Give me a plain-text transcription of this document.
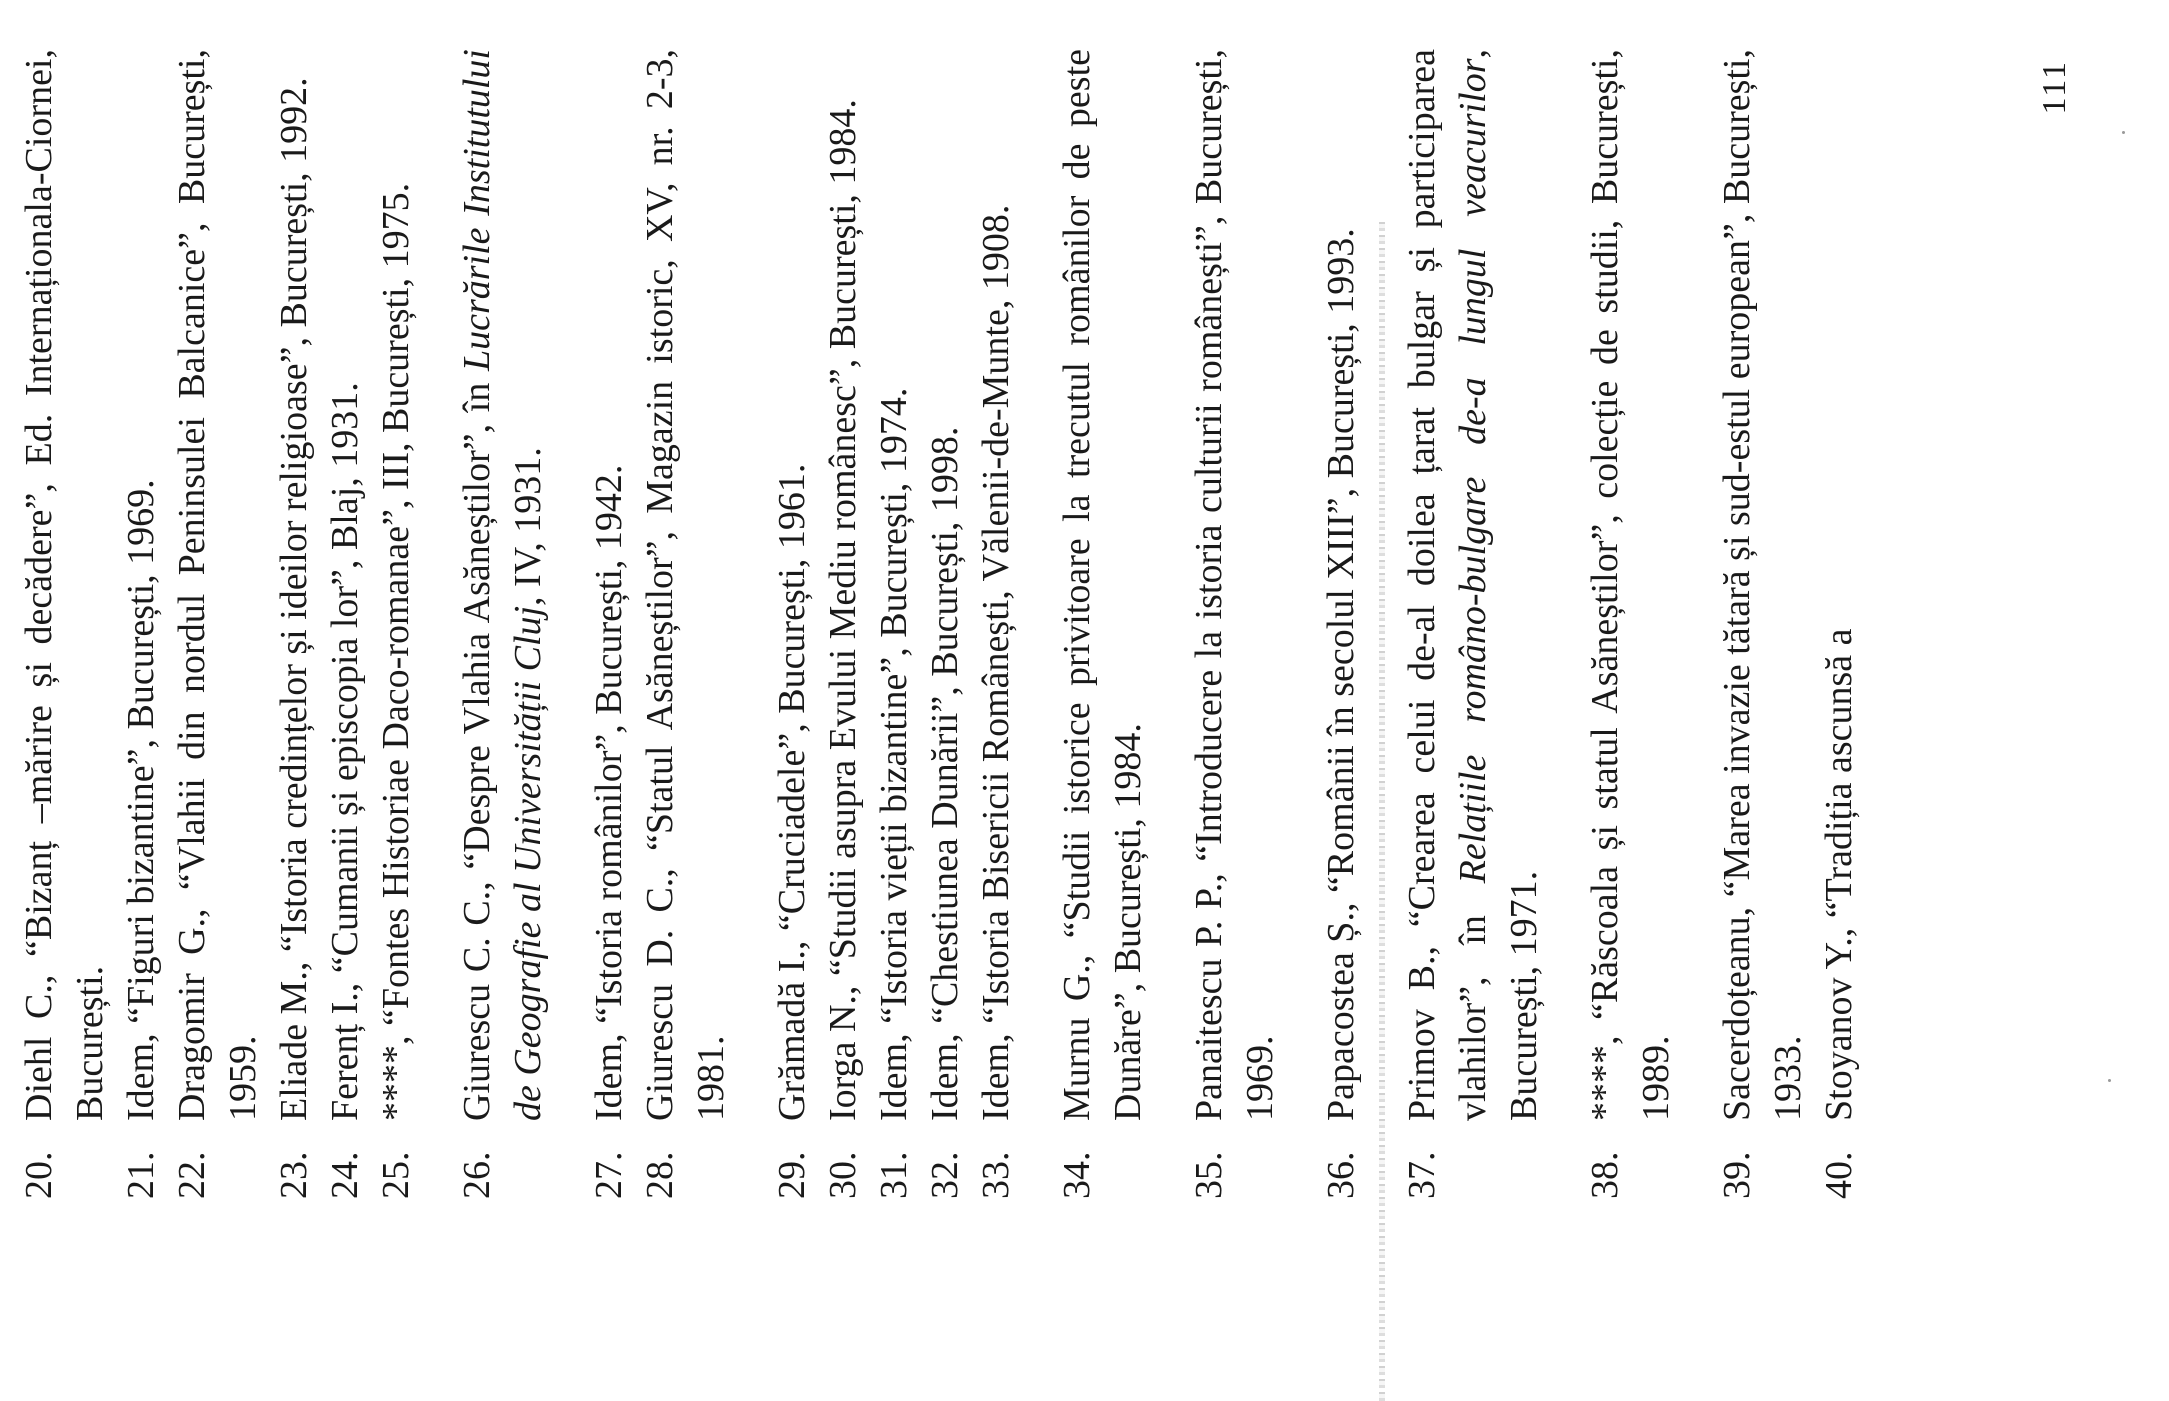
20.
Diehl C., “Bizanț –mărire și decădere”, Ed. Internaționala-Ciornei, București.
21.
Idem, “Figuri bizantine”, București, 1969.
22.
Dragomir G., “Vlahii din nordul Peninsulei Balcanice”, București, 1959.
23.
Eliade M., “Istoria credințelor și ideilor religioase”, București, 1992.
24.
Ferenț I., “Cumanii și episcopia lor”, Blaj, 1931.
25.
****, “Fontes Historiae Daco-romanae”, III, București, 1975.
26.
Giurescu C. C., “Despre Vlahia Asăneștilor”, în Lucrările Institutului de Geografie al Universității Cluj, IV, 1931.
27.
Idem, “Istoria românilor”, București, 1942.
28.
Giurescu D. C., “Statul Asăneștilor”, Magazin istoric, XV, nr. 2-3, 1981.
29.
Grămadă I., “Cruciadele”, București, 1961.
30.
Iorga N., “Studii asupra Evului Mediu românesc”, București, 1984.
31.
Idem, “Istoria vieții bizantine”, București, 1974.
32.
Idem, “Chestiunea Dunării”, București, 1998.
33.
Idem, “Istoria Bisericii Românești, Vălenii-de-Munte, 1908.
34.
Murnu G., “Studii istorice privitoare la trecutul românilor de peste Dunăre”, București, 1984.
35.
Panaitescu P. P., “Introducere la istoria culturii românești”, București, 1969.
36.
Papacostea Ș., “Românii în secolul XIII”, București, 1993.
37.
Primov B., “Crearea celui de-al doilea țarat bulgar și participarea vlahilor”, în Relațiile româno-bulgare de-a lungul veacurilor, București, 1971.
38.
****, “Răscoala și statul Asăneștilor”, colecție de studii, București, 1989.
39.
Sacerdoțeanu, “Marea invazie tătară și sud-estul european”, București, 1933.
40.
Stoyanov Y., “Tradiția ascunsă a
111
